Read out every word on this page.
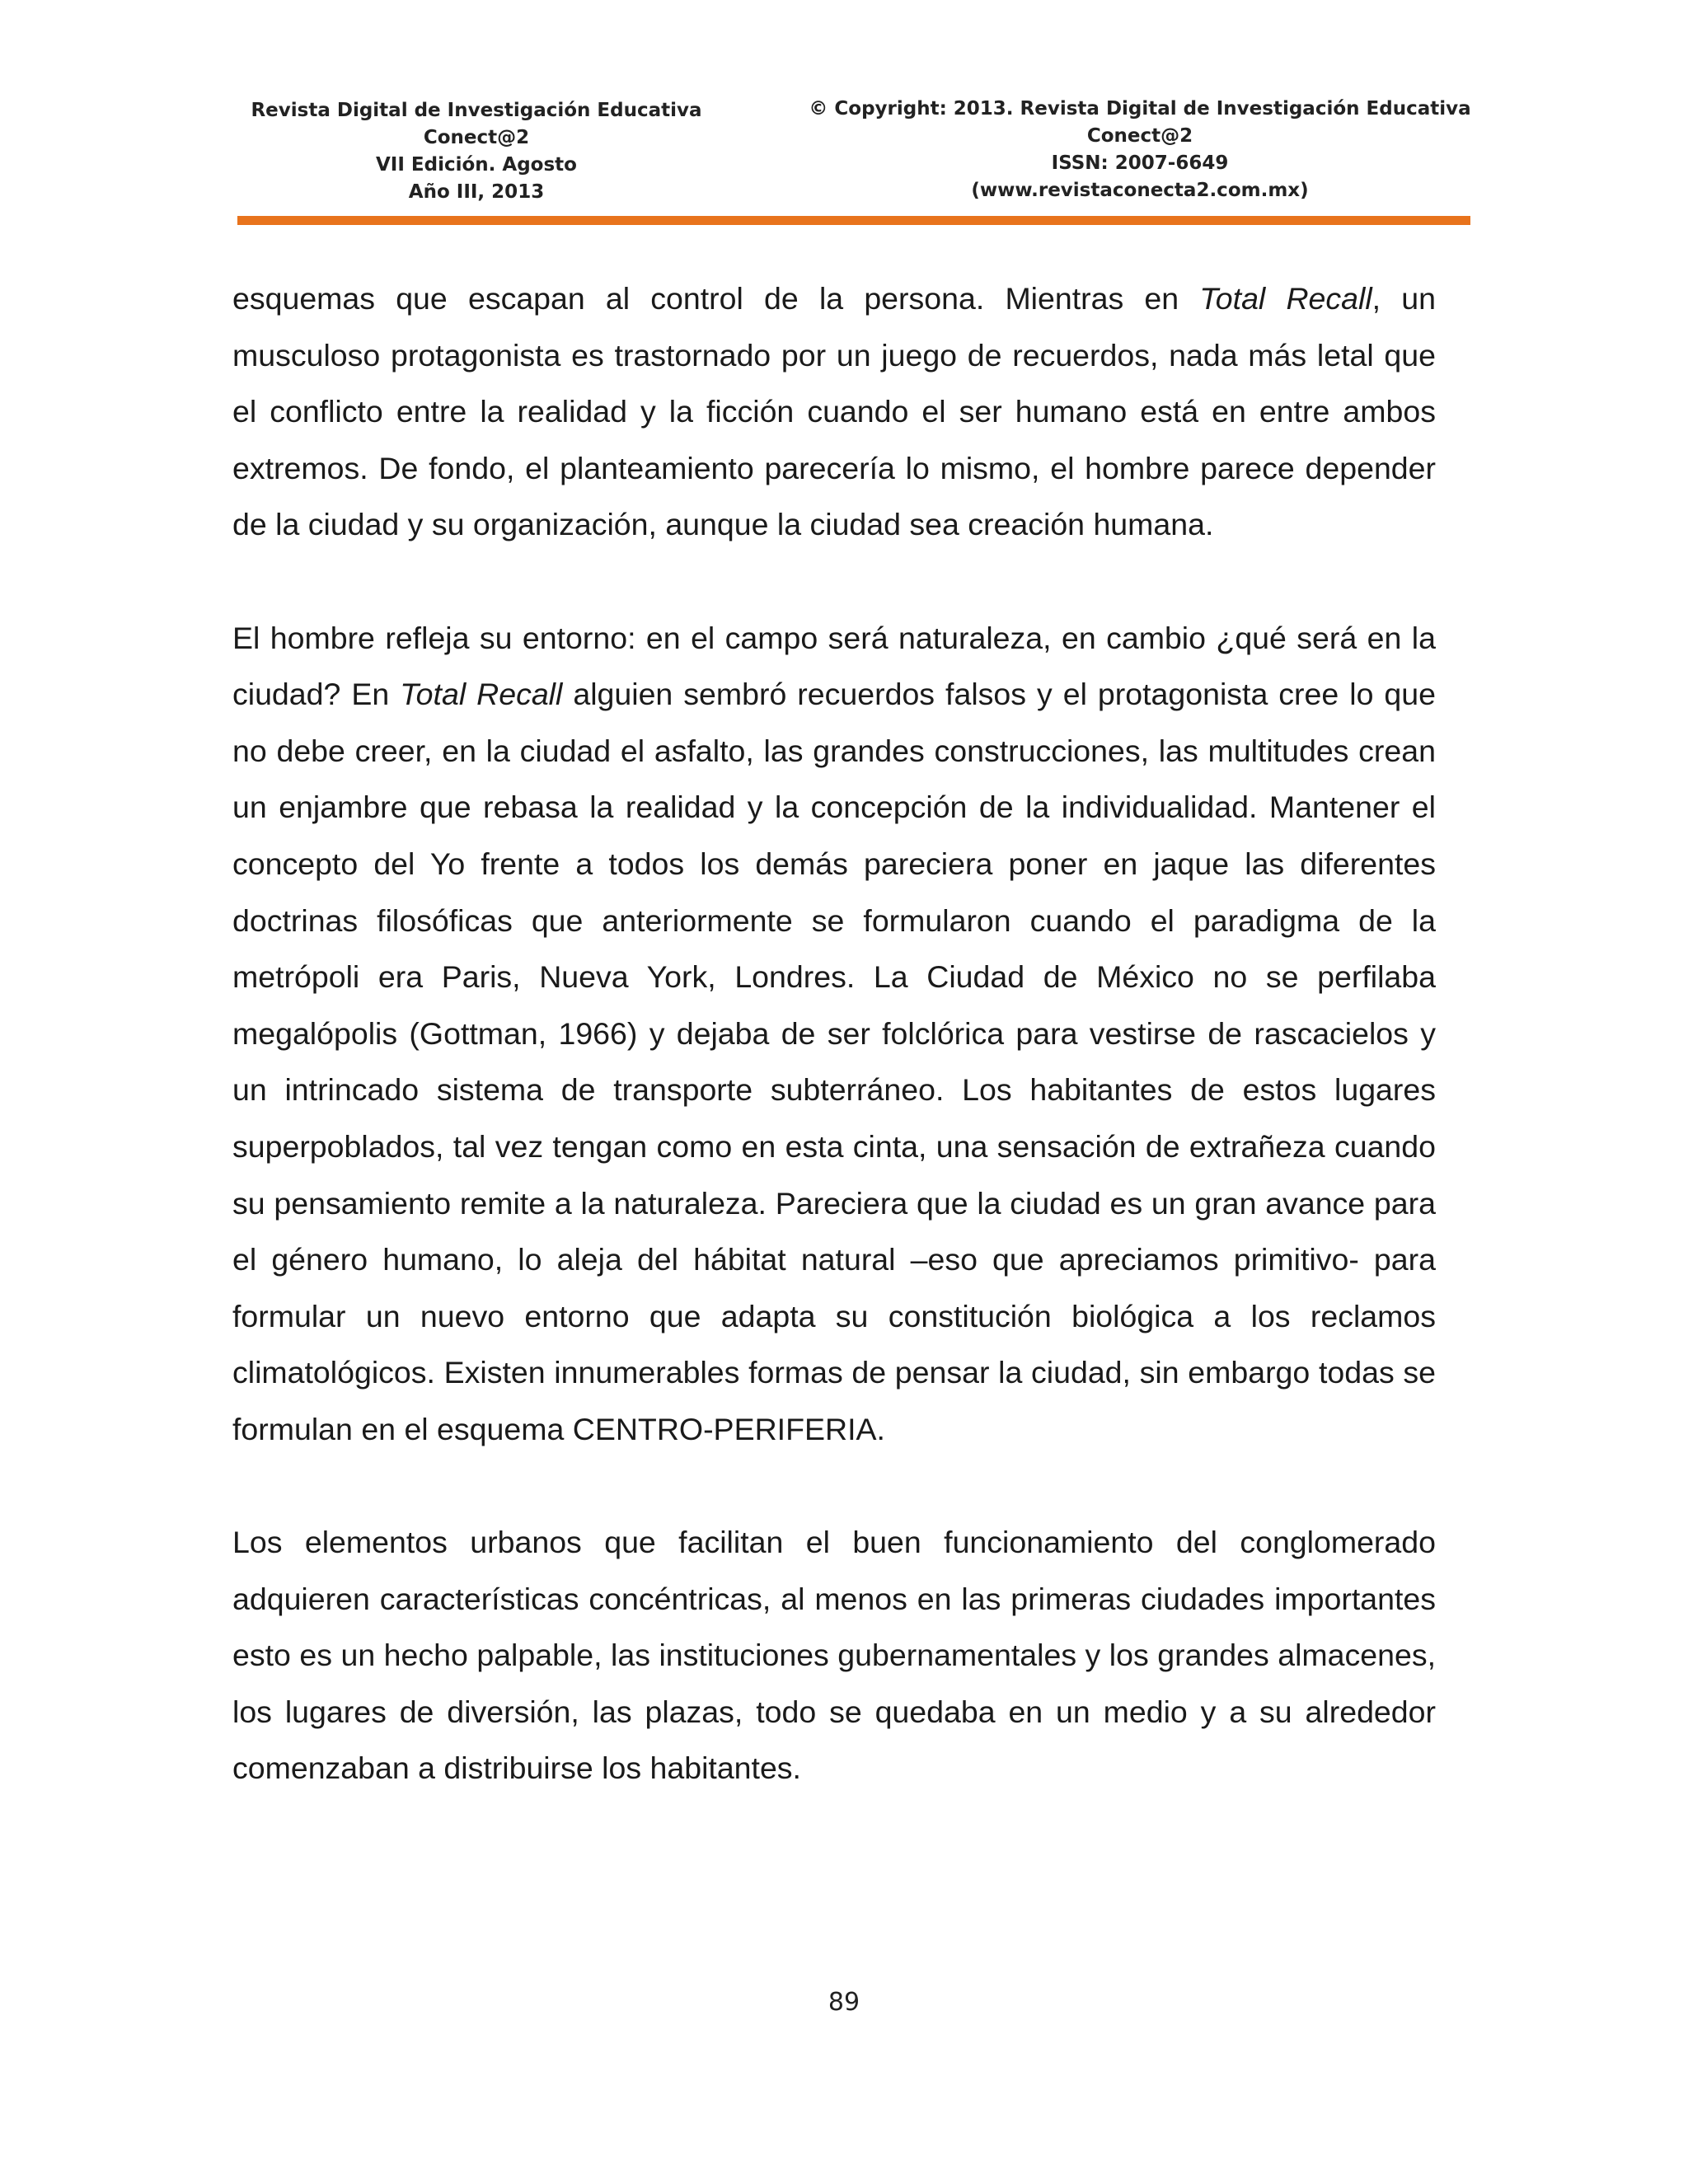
Revista Digital de Investigación Educativa
Conect@2
VII Edición. Agosto
Año III, 2013
© Copyright: 2013. Revista Digital de Investigación Educativa
Conect@2
ISSN: 2007-6649
(www.revistaconecta2.com.mx)

esquemas que escapan al control de la persona. Mientras en Total Recall, un musculoso protagonista es trastornado por un juego de recuerdos, nada más letal que el conflicto entre la realidad y la ficción cuando el ser humano está en entre ambos extremos. De fondo, el planteamiento parecería lo mismo, el hombre parece depender de la ciudad y su organización, aunque la ciudad sea creación humana.

El hombre refleja su entorno: en el campo será naturaleza, en cambio ¿qué será en la ciudad? En Total Recall alguien sembró recuerdos falsos y el protagonista cree lo que no debe creer, en la ciudad el asfalto, las grandes construcciones, las multitudes crean un enjambre que rebasa la realidad y la concepción de la individualidad. Mantener el concepto del Yo frente a todos los demás pareciera poner en jaque las diferentes doctrinas filosóficas que anteriormente se formularon cuando el paradigma de la metrópoli era Paris, Nueva York, Londres. La Ciudad de México no se perfilaba megalópolis (Gottman, 1966) y dejaba de ser folclórica para vestirse de rascacielos y un intrincado sistema de transporte subterráneo. Los habitantes de estos lugares superpoblados, tal vez tengan como en esta cinta, una sensación de extrañeza cuando su pensamiento remite a la naturaleza. Pareciera que la ciudad es un gran avance para el género humano, lo aleja del hábitat natural –eso que apreciamos primitivo- para formular un nuevo entorno que adapta su constitución biológica a los reclamos climatológicos. Existen innumerables formas de pensar la ciudad, sin embargo todas se formulan en el esquema CENTRO-PERIFERIA.

Los elementos urbanos que facilitan el buen funcionamiento del conglomerado adquieren características concéntricas, al menos en las primeras ciudades importantes esto es un hecho palpable, las instituciones gubernamentales y los grandes almacenes, los lugares de diversión, las plazas, todo se quedaba en un medio y a su alrededor comenzaban a distribuirse los habitantes.

89
